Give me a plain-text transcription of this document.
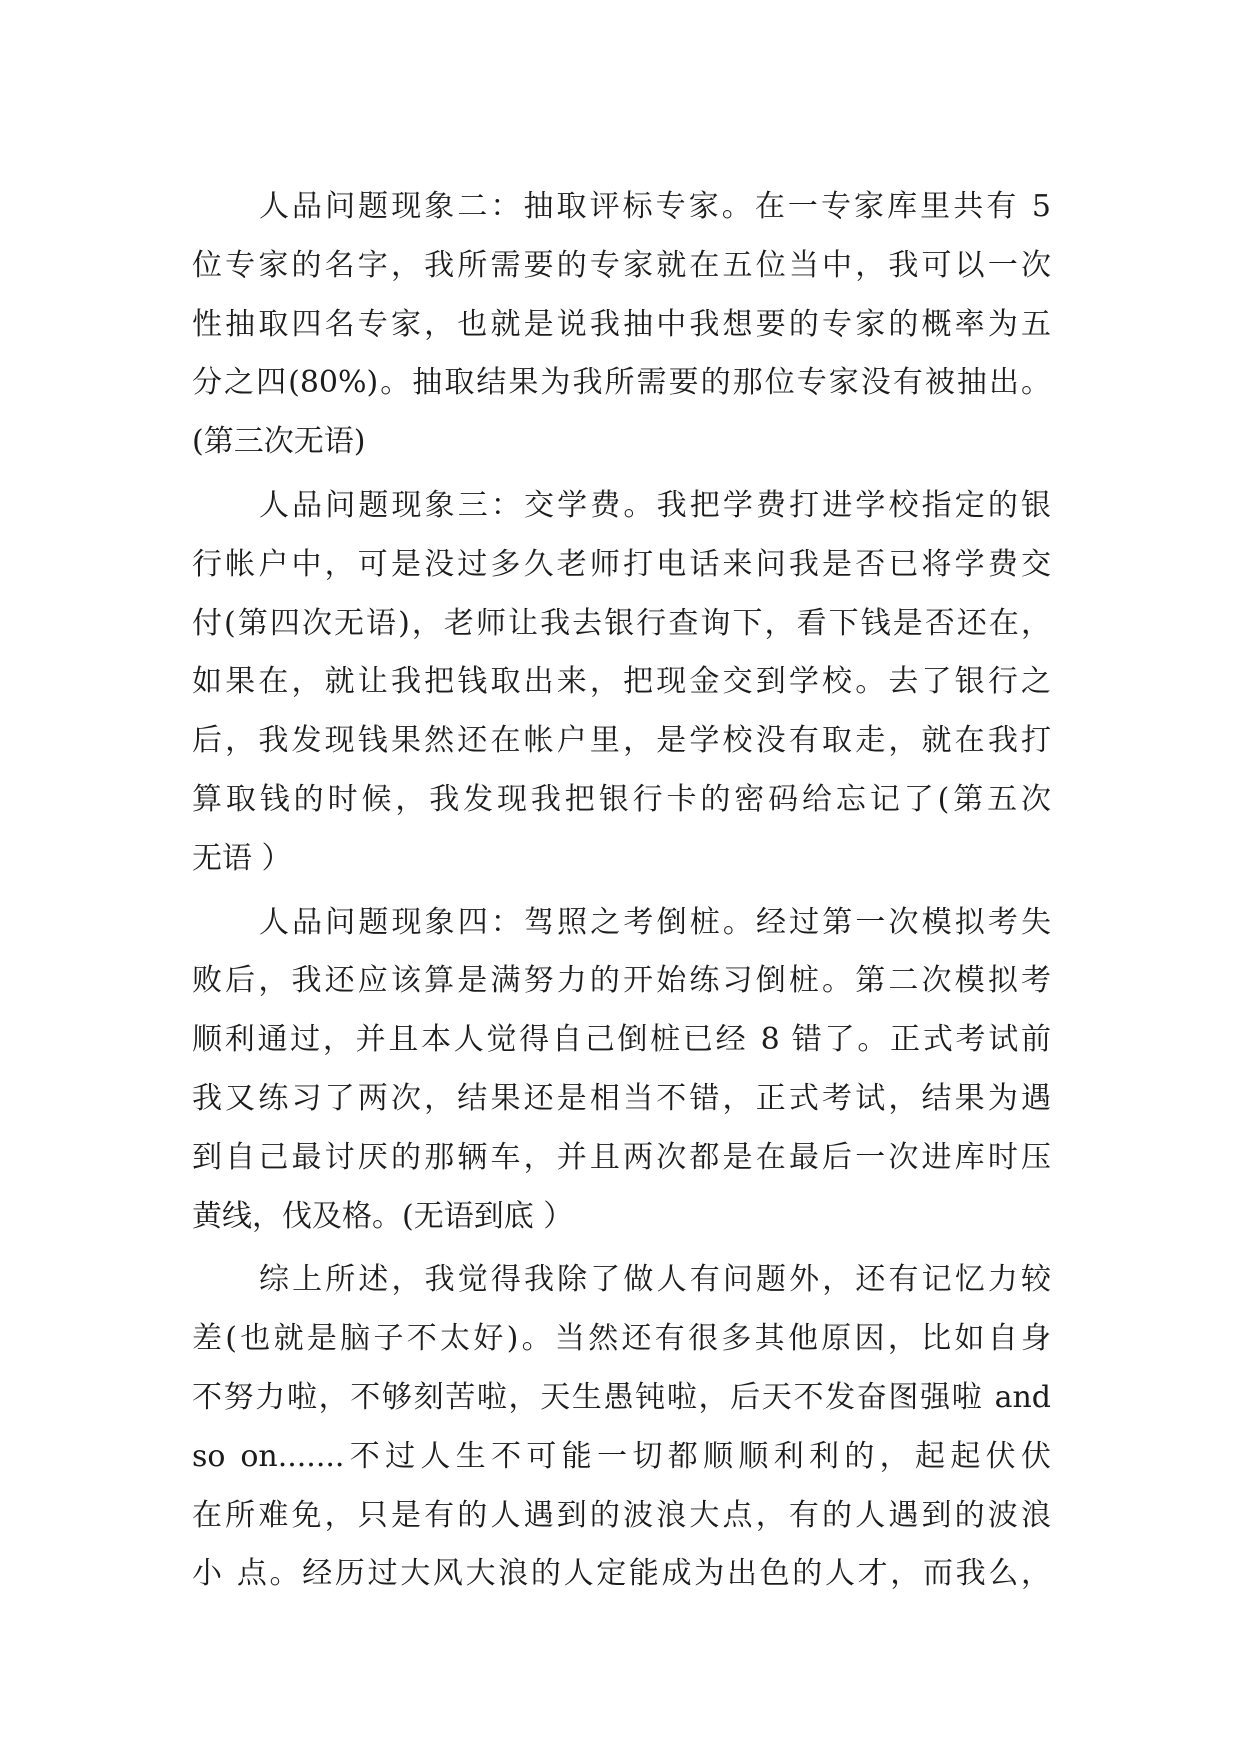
人品问题现象二：抽取评标专家。在一专家库里共有 5
位专家的名字，我所需要的专家就在五位当中，我可以一次
性抽取四名专家，也就是说我抽中我想要的专家的概率为五
分之四(80%)。抽取结果为我所需要的那位专家没有被抽出。
(第三次无语)
人品问题现象三：交学费。我把学费打进学校指定的银
行帐户中，可是没过多久老师打电话来问我是否已将学费交
付(第四次无语)，老师让我去银行查询下，看下钱是否还在，
如果在，就让我把钱取出来，把现金交到学校。去了银行之
后，我发现钱果然还在帐户里，是学校没有取走，就在我打
算取钱的时候，我发现我把银行卡的密码给忘记了(第五次
无语 ）
人品问题现象四：驾照之考倒桩。经过第一次模拟考失
败后，我还应该算是满努力的开始练习倒桩。第二次模拟考
顺利通过，并且本人觉得自己倒桩已经 8 错了。正式考试前
我又练习了两次，结果还是相当不错，正式考试，结果为遇
到自己最讨厌的那辆车，并且两次都是在最后一次进库时压
黄线，伐及格。(无语到底 ）
综上所述，我觉得我除了做人有问题外，还有记忆力较
差(也就是脑子不太好)。当然还有很多其他原因，比如自身
不努力啦，不够刻苦啦，天生愚钝啦，后天不发奋图强啦 and
so on.......不过人生不可能一切都顺顺利利的，起起伏伏
在所难免，只是有的人遇到的波浪大点，有的人遇到的波浪
小 点。经历过大风大浪的人定能成为出色的人才，而我么，
